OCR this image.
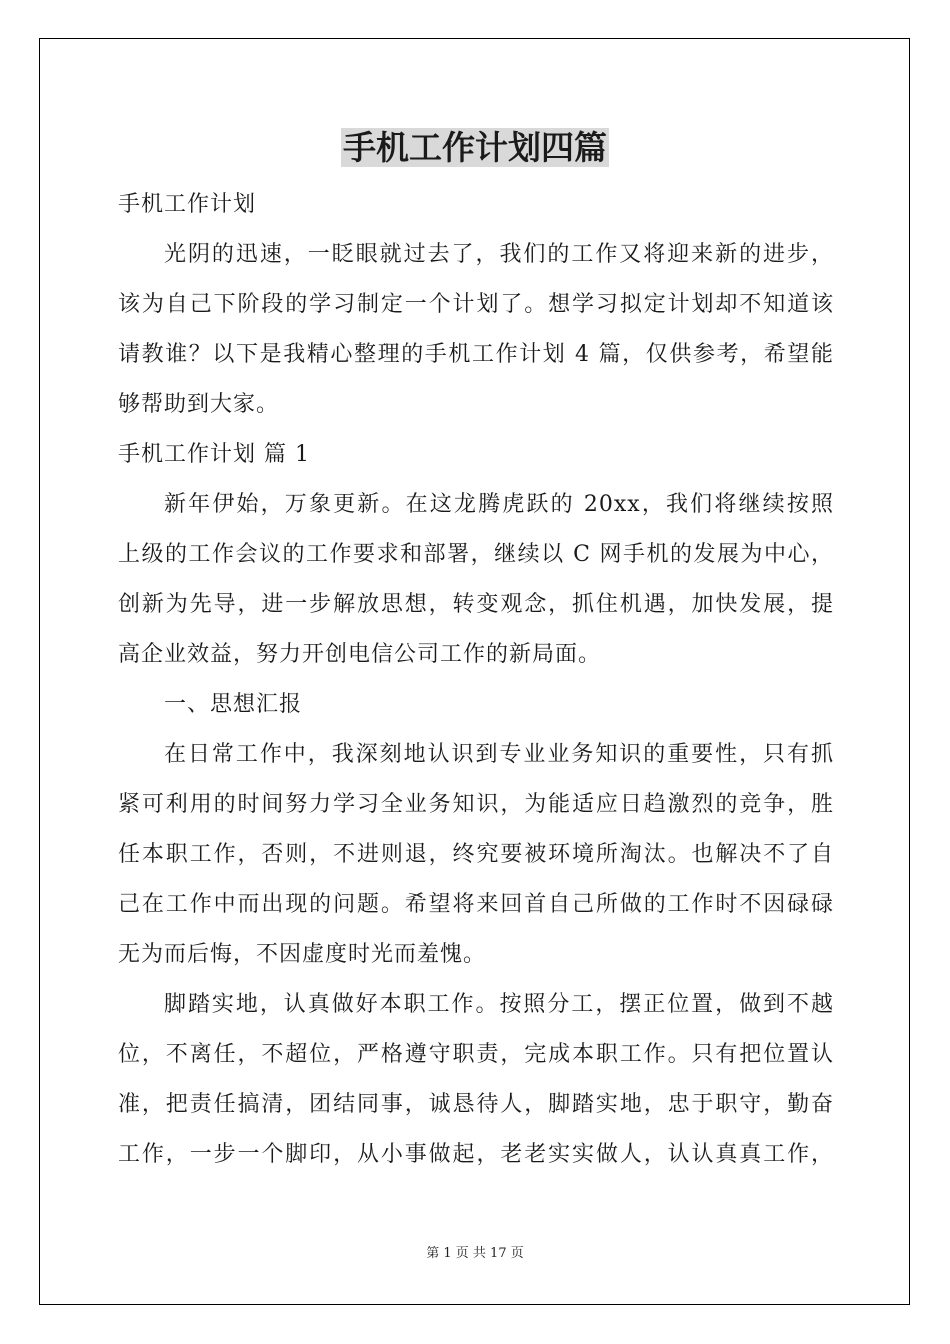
手机工作计划四篇
手机工作计划
光阴的迅速，一眨眼就过去了，我们的工作又将迎来新的进步，
该为自己下阶段的学习制定一个计划了。想学习拟定计划却不知道该
请教谁？以下是我精心整理的手机工作计划 4 篇，仅供参考，希望能
够帮助到大家。
手机工作计划 篇 1
新年伊始，万象更新。在这龙腾虎跃的 20xx，我们将继续按照
上级的工作会议的工作要求和部署，继续以 C 网手机的发展为中心，
创新为先导，进一步解放思想，转变观念，抓住机遇，加快发展，提
高企业效益，努力开创电信公司工作的新局面。
一、思想汇报
在日常工作中，我深刻地认识到专业业务知识的重要性，只有抓
紧可利用的时间努力学习全业务知识，为能适应日趋激烈的竞争，胜
任本职工作，否则，不进则退，终究要被环境所淘汰。也解决不了自
己在工作中而出现的问题。希望将来回首自己所做的工作时不因碌碌
无为而后悔，不因虚度时光而羞愧。
脚踏实地，认真做好本职工作。按照分工，摆正位置，做到不越
位，不离任，不超位，严格遵守职责，完成本职工作。只有把位置认
准，把责任搞清，团结同事，诚恳待人，脚踏实地，忠于职守，勤奋
工作，一步一个脚印，从小事做起，老老实实做人，认认真真工作，
第 1 页 共 17 页
